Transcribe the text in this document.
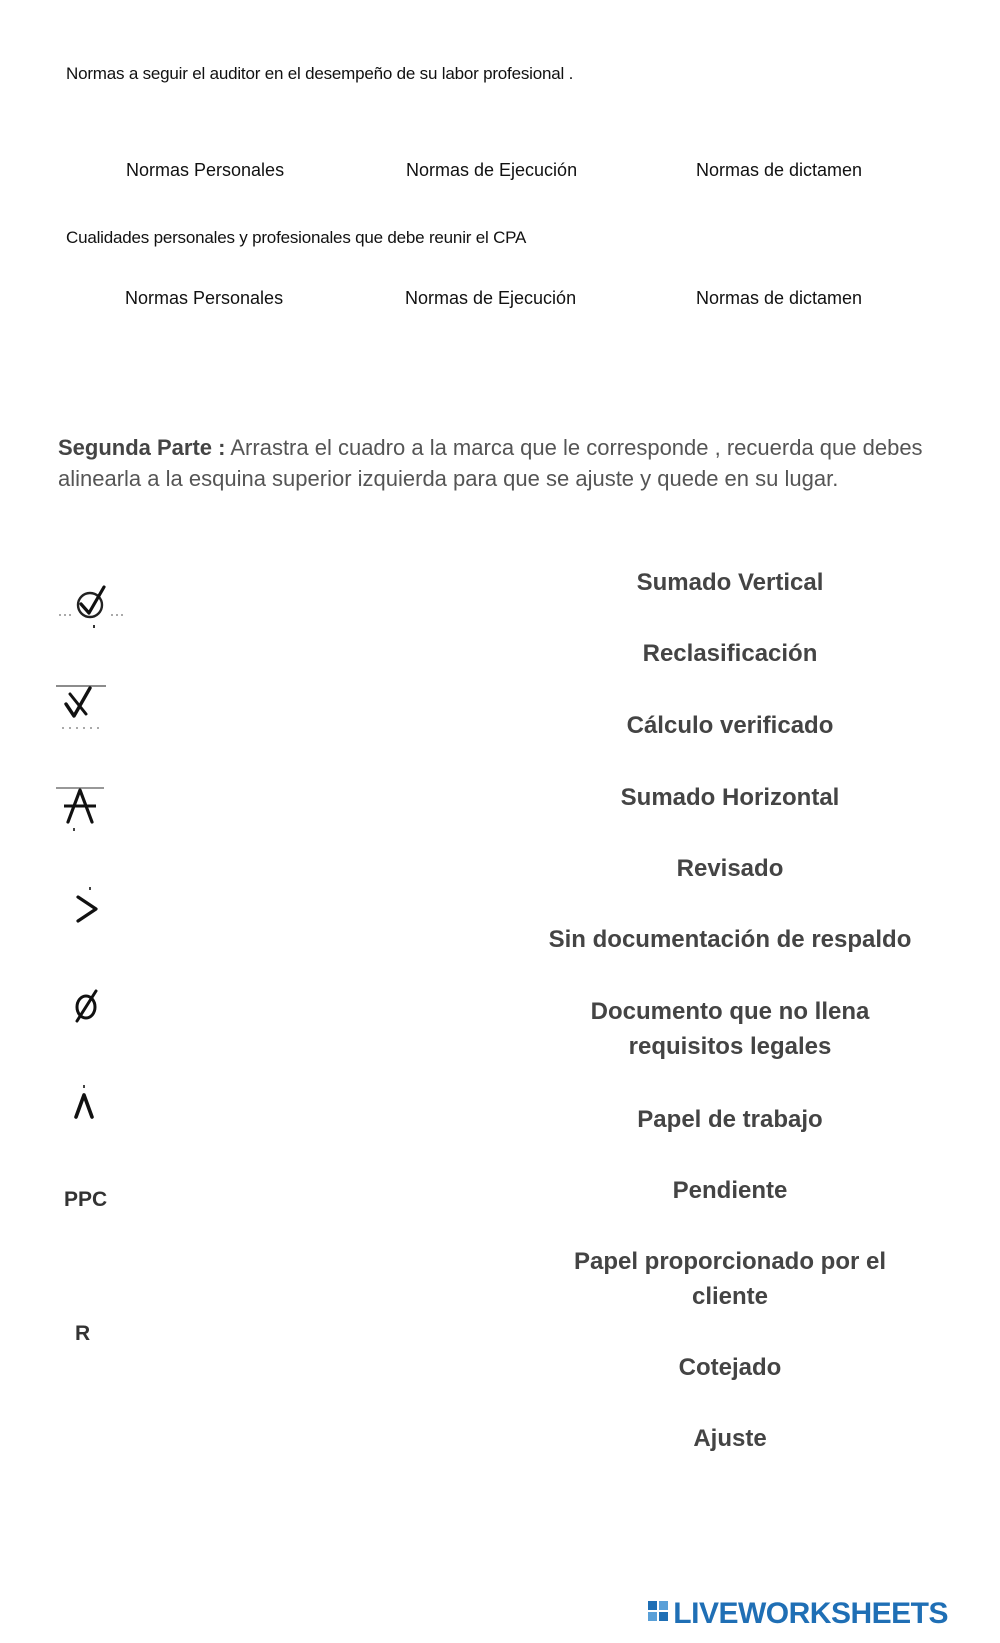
Normas a seguir el auditor en el desempeño de su labor profesional .
Normas Personales	Normas de Ejecución	Normas de dictamen
Cualidades personales y profesionales que debe reunir el CPA
Normas Personales	Normas de Ejecución	Normas de dictamen
Segunda Parte : Arrastra el cuadro a la marca que le corresponde , recuerda que debes alinearla a la esquina superior izquierda para que se ajuste y quede en su lugar.
PPC
R
Sumado Vertical
Reclasificación
Cálculo verificado
Sumado Horizontal
Revisado
Sin documentación de respaldo
Documento que no llena requisitos legales
Papel de trabajo
Pendiente
Papel proporcionado por el cliente
Cotejado
Ajuste
LIVEWORKSHEETS
